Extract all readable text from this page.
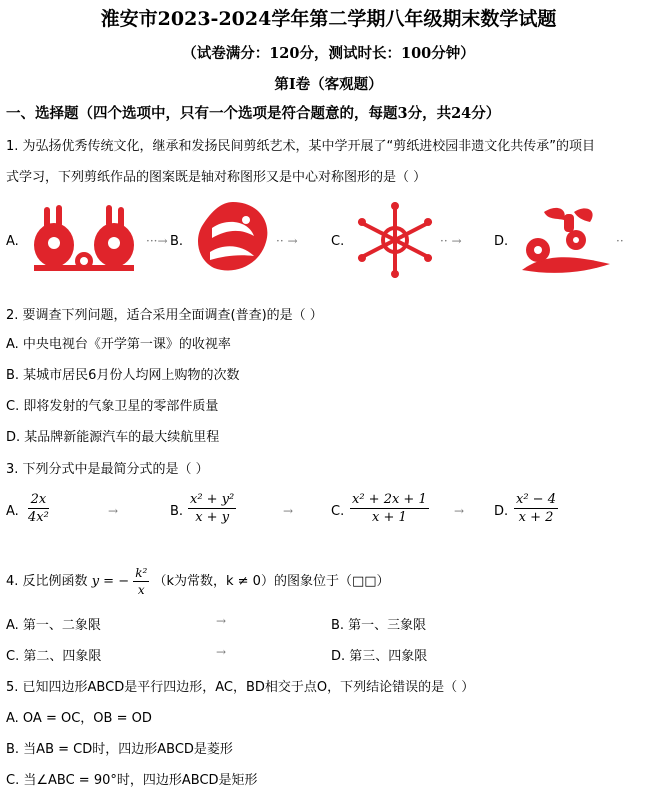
淮安市2023-2024学年第二学期八年级期末数学试题
（试卷满分：120分，测试时长：100分钟）
第Ⅰ卷（客观题）
一、选择题（四个选项中，只有一个选项是符合题意的，每题3分，共24分）
1. 为弘扬优秀传统文化，继承和发扬民间剪纸艺术，某中学开展了“剪纸进校园非遗文化共传承”的项目
式学习，下列剪纸作品的图案既是轴对称图形又是中心对称图形的是（ ）
A.	···→ B.	·· →	C.	·· →	D.	··
2. 要调查下列问题，适合采用全面调查(普查)的是（ ）
A. 中央电视台《开学第一课》的收视率
B. 某城市居民6月份人均网上购物的次数
C. 即将发射的气象卫星的零部件质量
D. 某品牌新能源汽车的最大续航里程
3. 下列分式中是最简分式的是（ ）
A. $\frac{2x}{\text{4x²}}$	→	B. $\frac{\text{x² + y²}}{x + y}$	→	C. $\frac{\text{x² + 2x + 1}}{x + 1} \to D$. $\frac{\text{x² − 4}}{x + 2}$
4. 反比例函数 y = − $\frac{\text{k²}}{x} (k$为常数，k ≠ 0）的图象位于（□□）
A. 第一、二象限	→	B. 第一、三象限
C. 第二、四象限	→	D. 第三、四象限
5. 已知四边形ABCD是平行四边形，AC，BD相交于点O，下列结论错误的是（ ）
A. OA = OC，OB = OD
B. 当AB = CD时，四边形ABCD是菱形
C. 当∠ABC = 90°时，四边形ABCD是矩形
